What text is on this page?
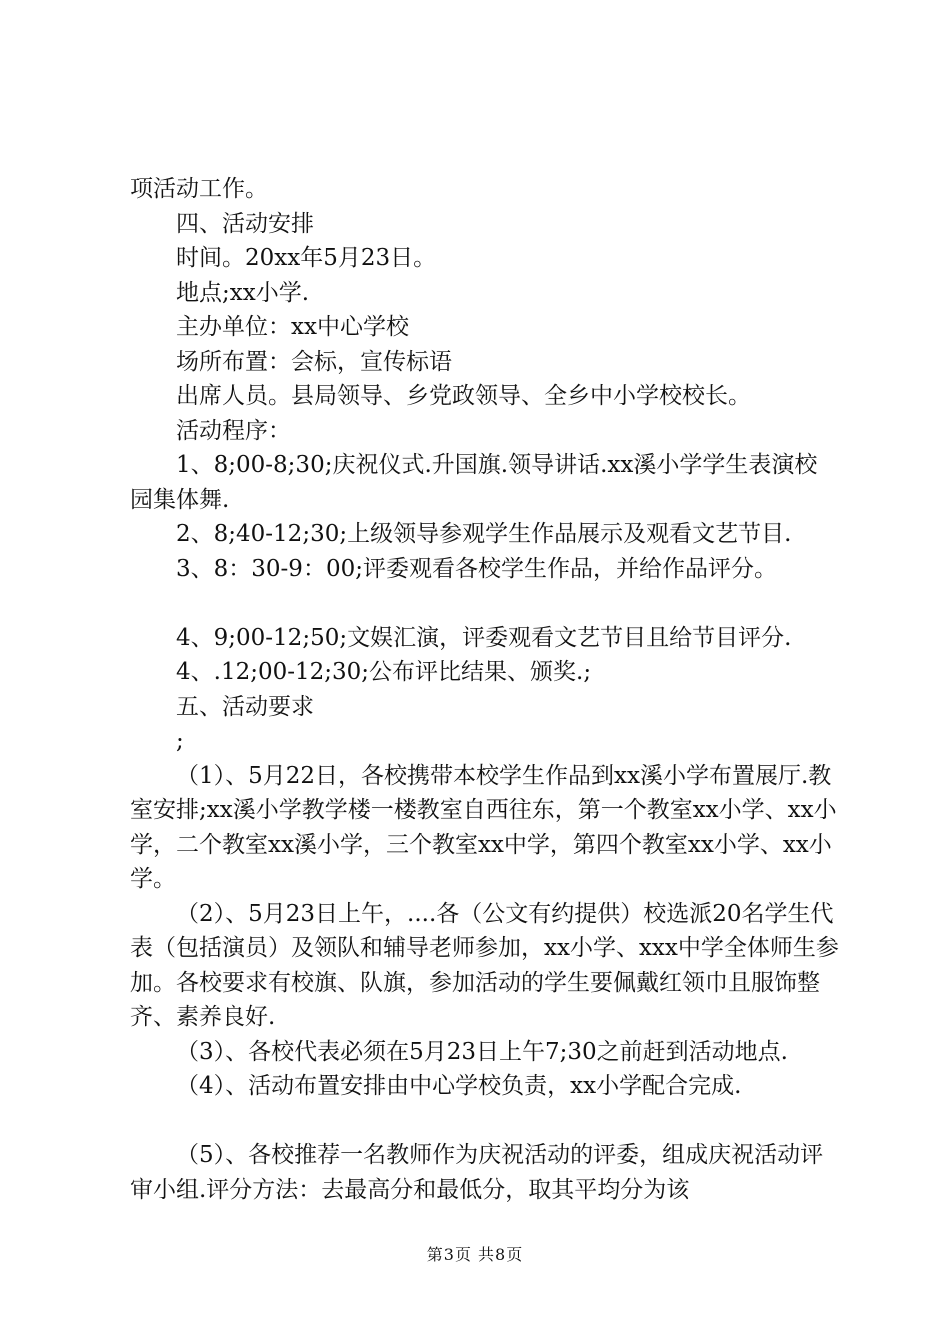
项活动工作。

四、活动安排

时间。20xx年5月23日。

地点;xx小学.

主办单位：xx中心学校

场所布置：会标，宣传标语

出席人员。县局领导、乡党政领导、全乡中小学校校长。

活动程序：

1、8;00-8;30;庆祝仪式.升国旗.领导讲话.xx溪小学学生表演校园集体舞.

2、8;40-12;30;上级领导参观学生作品展示及观看文艺节目.

3、8：30-9：00;评委观看各校学生作品，并给作品评分。

4、9;00-12;50;文娱汇演，评委观看文艺节目且给节目评分.

4、.12;00-12;30;公布评比结果、颁奖.;

五、活动要求

;

（1）、5月22日，各校携带本校学生作品到xx溪小学布置展厅.教室安排;xx溪小学教学楼一楼教室自西往东，第一个教室xx小学、xx小学，二个教室xx溪小学，三个教室xx中学，第四个教室xx小学、xx小学。

（2）、5月23日上午，....各（公文有约提供）校选派20名学生代表（包括演员）及领队和辅导老师参加，xx小学、xxx中学全体师生参加。各校要求有校旗、队旗，参加活动的学生要佩戴红领巾且服饰整齐、素养良好.

（3）、各校代表必须在5月23日上午7;30之前赶到活动地点.

（4）、活动布置安排由中心学校负责，xx小学配合完成.

（5）、各校推荐一名教师作为庆祝活动的评委，组成庆祝活动评审小组.评分方法：去最高分和最低分，取其平均分为该

第3页 共8页
